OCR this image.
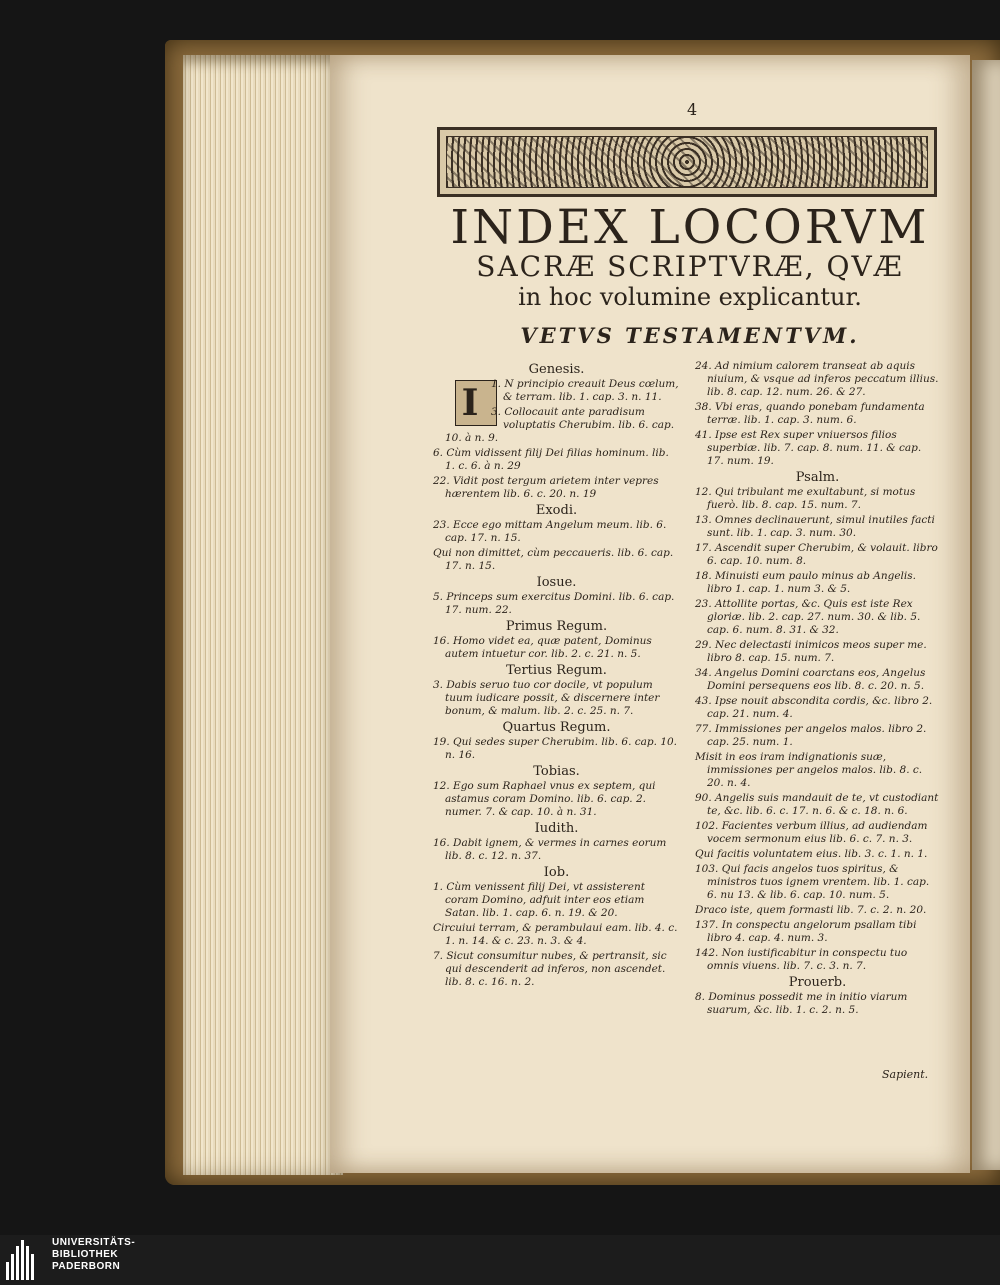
4
INDEX LOCORVM
SACRÆ SCRIPTVRÆ, QVÆ
in hoc volumine explicantur.
VETVS TESTAMENTVM.
Genesis.
I	1. N principio creauit Deus cœlum, & terram. lib. 1. cap. 3. n. 11.
3. Collocauit ante paradisum voluptatis Cherubim. lib. 6. cap. 10. à n. 9.
6. Cùm vidissent filij Dei filias hominum. lib. 1. c. 6. à n. 29
22. Vidit post tergum arietem inter vepres hærentem lib. 6. c. 20. n. 19
Exodi.
23. Ecce ego mittam Angelum meum. lib. 6. cap. 17. n. 15.
Qui non dimittet, cùm peccaueris. lib. 6. cap. 17. n. 15.
Iosue.
5. Princeps sum exercitus Domini. lib. 6. cap. 17. num. 22.
Primus Regum.
16. Homo videt ea, quæ patent, Dominus autem intuetur cor. lib. 2. c. 21. n. 5.
Tertius Regum.
3. Dabis seruo tuo cor docile, vt populum tuum iudicare possit, & discernere inter bonum, & malum. lib. 2. c. 25. n. 7.
Quartus Regum.
19. Qui sedes super Cherubim. lib. 6. cap. 10. n. 16.
Tobias.
12. Ego sum Raphael vnus ex septem, qui astamus coram Domino. lib. 6. cap. 2. numer. 7. & cap. 10. à n. 31.
Iudith.
16. Dabit ignem, & vermes in carnes eorum lib. 8. c. 12. n. 37.
Iob.
1. Cùm venissent filij Dei, vt assisterent coram Domino, adfuit inter eos etiam Satan. lib. 1. cap. 6. n. 19. & 20.
Circuiui terram, & perambulaui eam. lib. 4. c. 1. n. 14. & c. 23. n. 3. & 4.
7. Sicut consumitur nubes, & pertransit, sic qui descenderit ad inferos, non ascendet. lib. 8. c. 16. n. 2.
24. Ad nimium calorem transeat ab aquis niuium, & vsque ad inferos peccatum illius. lib. 8. cap. 12. num. 26. & 27.
38. Vbi eras, quando ponebam fundamenta terræ. lib. 1. cap. 3. num. 6.
41. Ipse est Rex super vniuersos filios superbiæ. lib. 7. cap. 8. num. 11. & cap. 17. num. 19.
Psalm.
12. Qui tribulant me exultabunt, si motus fuerò. lib. 8. cap. 15. num. 7.
13. Omnes declinauerunt, simul inutiles facti sunt. lib. 1. cap. 3. num. 30.
17. Ascendit super Cherubim, & volauit. libro 6. cap. 10. num. 8.
18. Minuisti eum paulo minus ab Angelis. libro 1. cap. 1. num 3. & 5.
23. Attollite portas, &c. Quis est iste Rex gloriæ. lib. 2. cap. 27. num. 30. & lib. 5. cap. 6. num. 8. 31. & 32.
29. Nec delectasti inimicos meos super me. libro 8. cap. 15. num. 7.
34. Angelus Domini coarctans eos, Angelus Domini persequens eos lib. 8. c. 20. n. 5.
43. Ipse nouit abscondita cordis, &c. libro 2. cap. 21. num. 4.
77. Immissiones per angelos malos. libro 2. cap. 25. num. 1.
Misit in eos iram indignationis suæ, immissiones per angelos malos. lib. 8. c. 20. n. 4.
90. Angelis suis mandauit de te, vt custodiant te, &c. lib. 6. c. 17. n. 6. & c. 18. n. 6.
102. Facientes verbum illius, ad audiendam vocem sermonum eius lib. 6. c. 7. n. 3.
Qui facitis voluntatem eius. lib. 3. c. 1. n. 1.
103. Qui facis angelos tuos spiritus, & ministros tuos ignem vrentem. lib. 1. cap. 6. nu 13. & lib. 6. cap. 10. num. 5.
Draco iste, quem formasti lib. 7. c. 2. n. 20.
137. In conspectu angelorum psallam tibi libro 4. cap. 4. num. 3.
142. Non iustificabitur in conspectu tuo omnis viuens. lib. 7. c. 3. n. 7.
Prouerb.
8. Dominus possedit me in initio viarum suarum, &c. lib. 1. c. 2. n. 5.
Sapient.
UNIVERSITÄTS-
BIBLIOTHEK
PADERBORN
